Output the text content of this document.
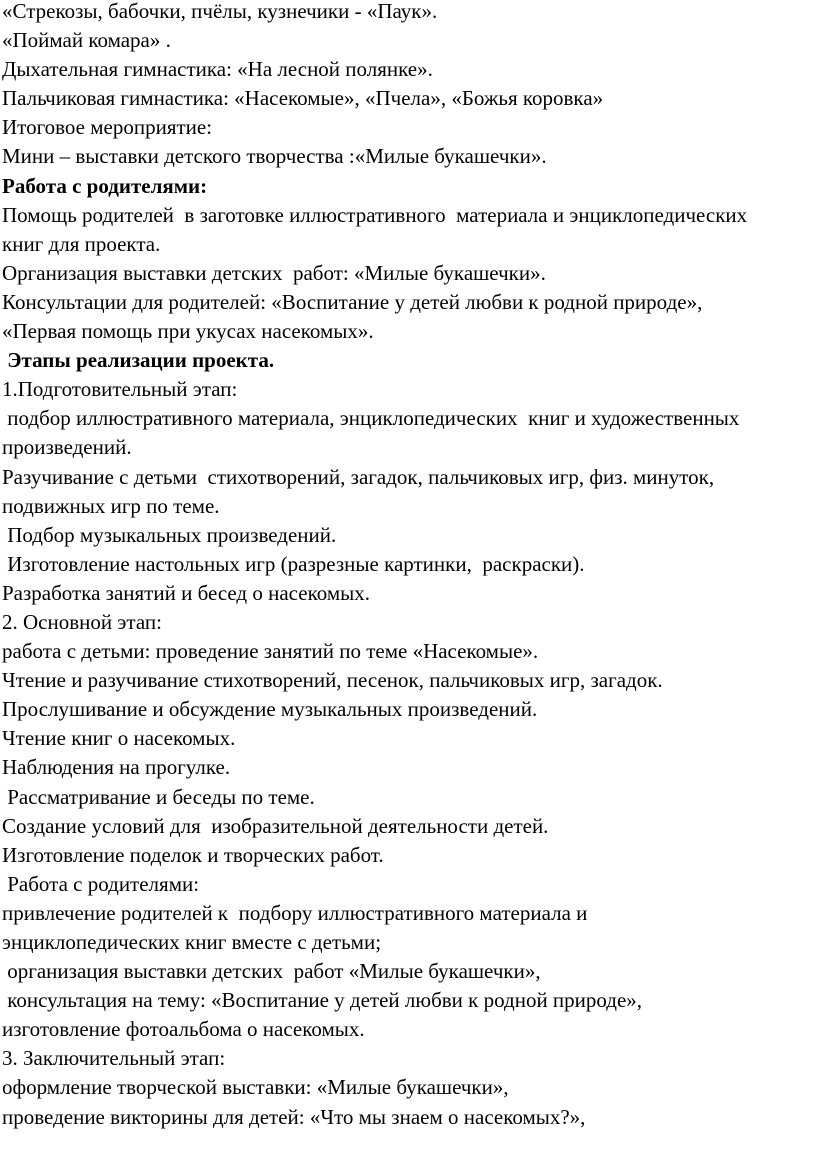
«Стрекозы, бабочки, пчёлы, кузнечики - «Паук».

«Поймай комара» .

Дыхательная гимнастика: «На лесной полянке».

Пальчиковая гимнастика: «Насекомые», «Пчела», «Божья коровка»

Итоговое мероприятие:

Мини – выставки детского творчества :«Милые букашечки».

Работа с родителями:

Помощь родителей  в заготовке иллюстративного  материала и энциклопедических

книг для проекта.

Организация выставки детских  работ: «Милые букашечки».

Консультации для родителей: «Воспитание у детей любви к родной природе»,

«Первая помощь при укусах насекомых».

Этапы реализации проекта.

1.Подготовительный этап:

подбор иллюстративного материала, энциклопедических  книг и художественных

произведений.

Разучивание с детьми  стихотворений, загадок, пальчиковых игр, физ. минуток,

подвижных игр по теме.

Подбор музыкальных произведений.

Изготовление настольных игр (разрезные картинки,  раскраски).

Разработка занятий и бесед о насекомых.

2. Основной этап:

работа с детьми: проведение занятий по теме «Насекомые».

Чтение и разучивание стихотворений, песенок, пальчиковых игр, загадок.

Прослушивание и обсуждение музыкальных произведений.

Чтение книг о насекомых.

Наблюдения на прогулке.

Рассматривание и беседы по теме.

Создание условий для  изобразительной деятельности детей.

Изготовление поделок и творческих работ.

Работа с родителями:

привлечение родителей к  подбору иллюстративного материала и

энциклопедических книг вместе с детьми;

организация выставки детских  работ «Милые букашечки»,

консультация на тему: «Воспитание у детей любви к родной природе»,

изготовление фотоальбома о насекомых.

3. Заключительный этап:

оформление творческой выставки: «Милые букашечки»,

проведение викторины для детей: «Что мы знаем о насекомых?»,
